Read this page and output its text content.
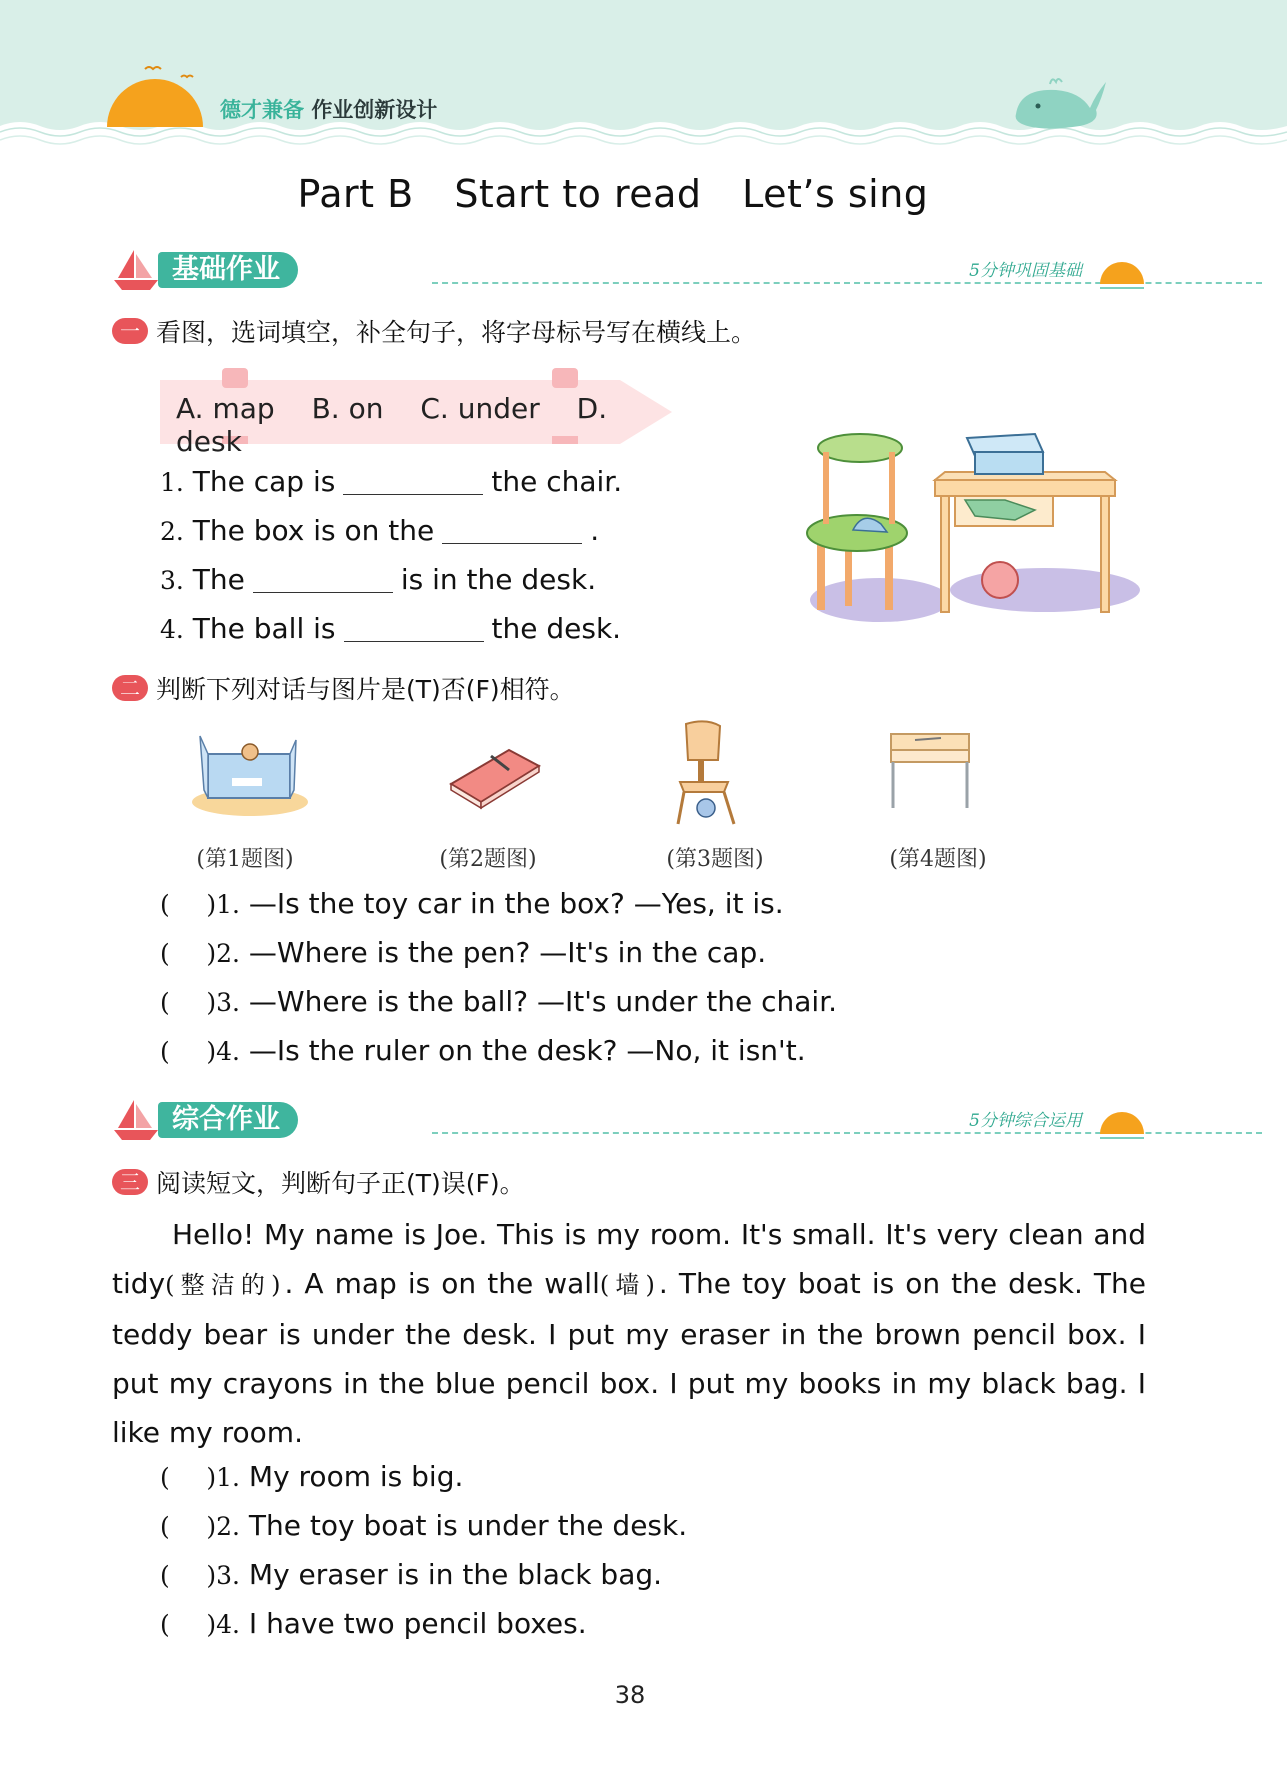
德才兼备 作业创新设计
Part B Start to read Let’s sing
基础作业	5分钟巩固基础
一 看图，选词填空，补全句子，将字母标号写在横线上。
A. map B. on C. under D. desk
1. The cap is	the chair.
2. The box is on the	.
3. The	is in the desk.
4. The ball is	the desk.
二 判断下列对话与图片是(T)否(F)相符。
(第1题图)	(第2题图)	(第3题图)	(第4题图)
( )1. —Is the toy car in the box? —Yes, it is.
( )2. —Where is the pen? —It's in the cap.
( )3. —Where is the ball? —It's under the chair.
( )4. —Is the ruler on the desk? —No, it isn't.
综合作业	5分钟综合运用
三 阅读短文，判断句子正(T)误(F)。
Hello! My name is Joe. This is my room. It's small. It's very clean and tidy(整洁的). A map is on the wall(墙). The toy boat is on the desk. The teddy bear is under the desk. I put my eraser in the brown pencil box. I put my crayons in the blue pencil box. I put my books in my black bag. I like my room.
( )1. My room is big.
( )2. The toy boat is under the desk.
( )3. My eraser is in the black bag.
( )4. I have two pencil boxes.
38
